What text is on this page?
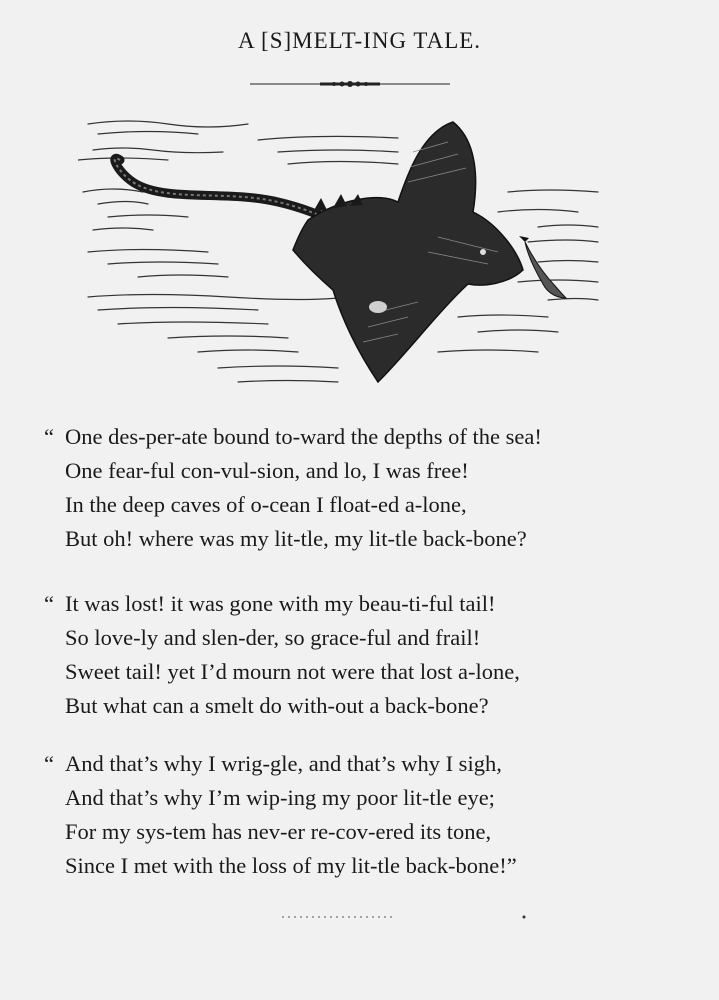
A [S]MELT-ING TALE.
“ One des-per-ate bound to-ward the depths of the sea!
One fear-ful con-vul-sion, and lo, I was free!
In the deep caves of o-cean I float-ed a-lone,
But oh! where was my lit-tle, my lit-tle back-bone?
“ It was lost! it was gone with my beau-ti-ful tail!
So love-ly and slen-der, so grace-ful and frail!
Sweet tail! yet I’d mourn not were that lost a-lone,
But what can a smelt do with-out a back-bone?
“ And that’s why I wrig-gle, and that’s why I sigh,
And that’s why I’m wip-ing my poor lit-tle eye;
For my sys-tem has nev-er re-cov-ered its tone,
Since I met with the loss of my lit-tle back-bone!”
